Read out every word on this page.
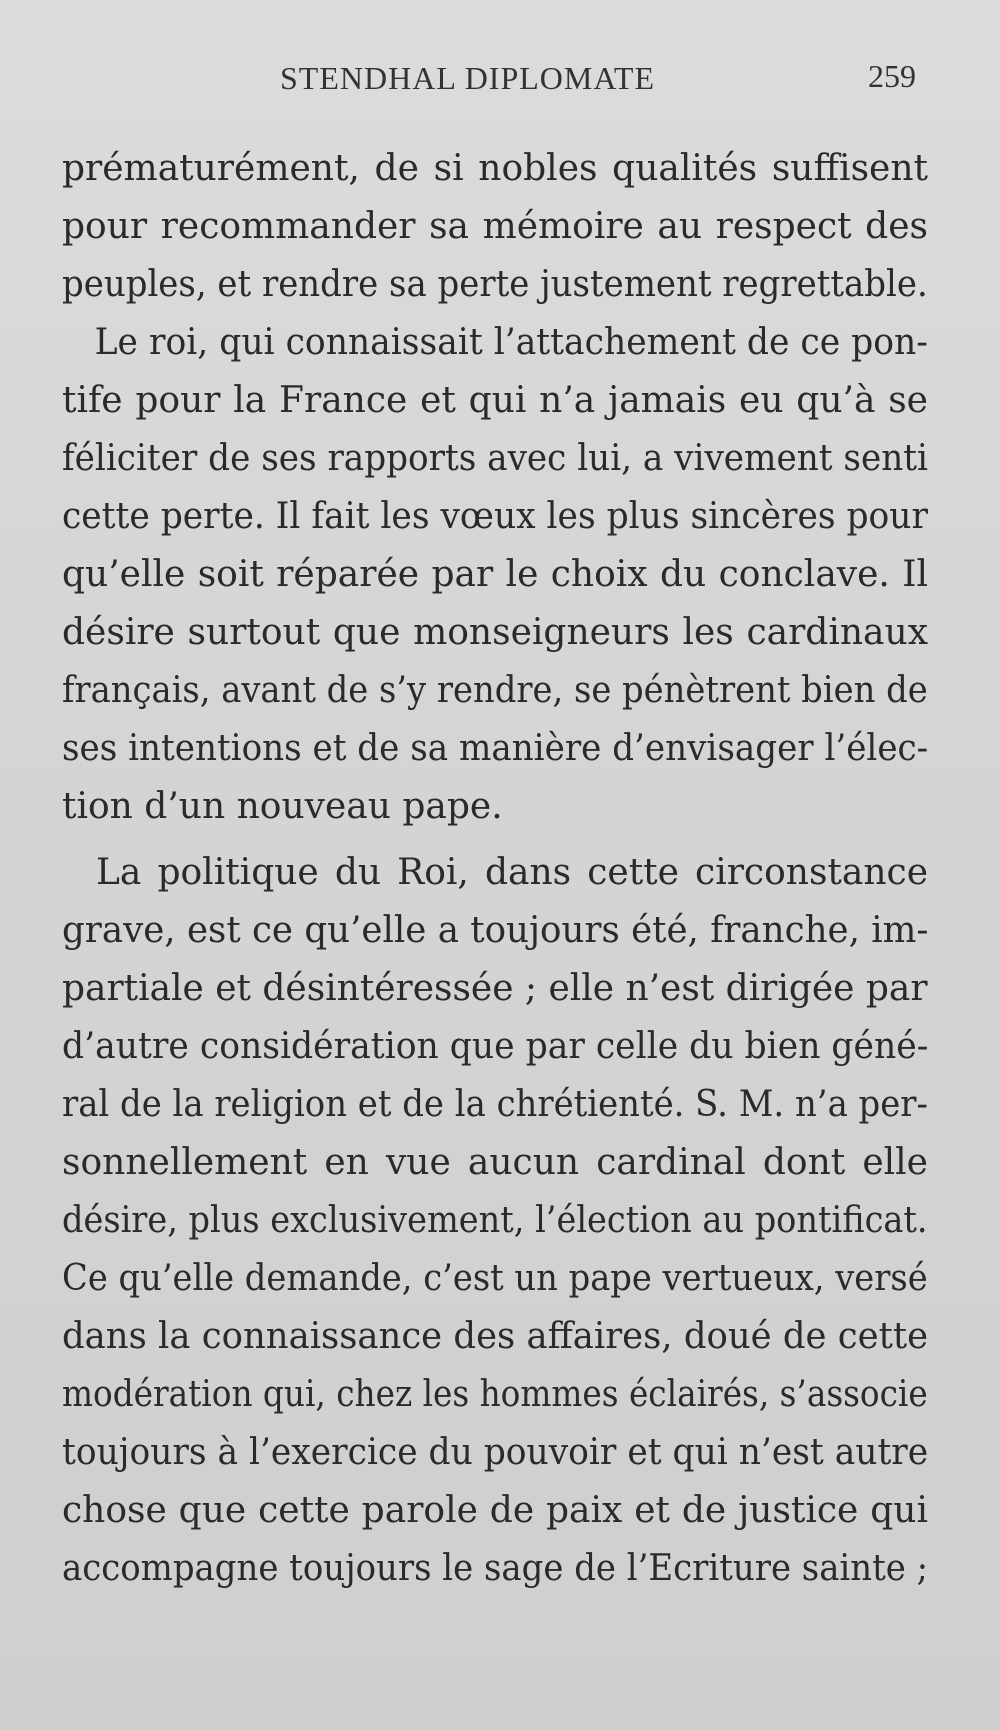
STENDHAL DIPLOMATE	259
prématurément, de si nobles qualités suffisent
pour recommander sa mémoire au respect des
peuples, et rendre sa perte justement regrettable.
Le roi, qui connaissait l’attachement de ce pon-
tife pour la France et qui n’a jamais eu qu’à se
féliciter de ses rapports avec lui, a vivement senti
cette perte. Il fait les vœux les plus sincères pour
qu’elle soit réparée par le choix du conclave. Il
désire surtout que monseigneurs les cardinaux
français, avant de s’y rendre, se pénètrent bien de
ses intentions et de sa manière d’envisager l’élec-
tion d’un nouveau pape.
La politique du Roi, dans cette circonstance
grave, est ce qu’elle a toujours été, franche, im-
partiale et désintéressée ; elle n’est dirigée par
d’autre considération que par celle du bien géné-
ral de la religion et de la chrétienté. S. M. n’a per-
sonnellement en vue aucun cardinal dont elle
désire, plus exclusivement, l’élection au pontificat.
Ce qu’elle demande, c’est un pape vertueux, versé
dans la connaissance des affaires, doué de cette
modération qui, chez les hommes éclairés, s’associe
toujours à l’exercice du pouvoir et qui n’est autre
chose que cette parole de paix et de justice qui
accompagne toujours le sage de l’Ecriture sainte ;
